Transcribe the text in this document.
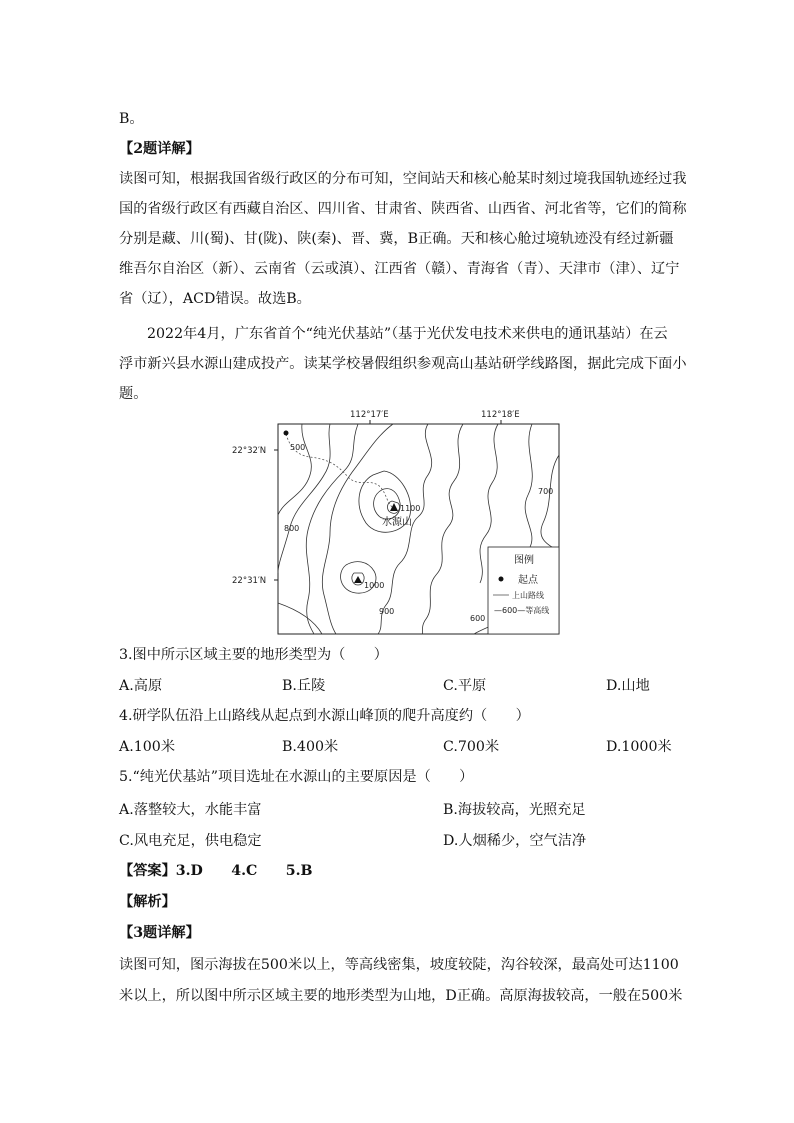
B。
【2题详解】
读图可知，根据我国省级行政区的分布可知，空间站天和核心舱某时刻过境我国轨迹经过我
国的省级行政区有西藏自治区、四川省、甘肃省、陕西省、山西省、河北省等，它们的简称
分别是藏、川(蜀)、甘(陇)、陕(秦)、晋、冀，B正确。天和核心舱过境轨迹没有经过新疆
维吾尔自治区（新）、云南省（云或滇）、江西省（赣）、青海省（青）、天津市（津）、辽宁
省（辽），ACD错误。故选B。
2022年4月，广东省首个“纯光伏基站”（基于光伏发电技术来供电的通讯基站）在云
浮市新兴县水源山建成投产。读某学校暑假组织参观高山基站研学线路图，据此完成下面小
题。
112°17′E	112°18′E
22°32′N
22°31′N
500
700
800
1100
水源山
1000
900
600
图例
起点
上山路线
—600—等高线
3.图中所示区域主要的地形类型为（　　）
A.高原	B.丘陵	C.平原	D.山地
4.研学队伍沿上山路线从起点到水源山峰顶的爬升高度约（　　）
A.100米	B.400米	C.700米	D.1000米
5.“纯光伏基站”项目选址在水源山的主要原因是（　　）
A.落整较大，水能丰富	B.海拔较高，光照充足
C.风电充足，供电稳定	D.人烟稀少，空气洁净
【答案】3.D　　4.C　　5.B
【解析】
【3题详解】
读图可知，图示海拔在500米以上，等高线密集，坡度较陡，沟谷较深，最高处可达1100
米以上，所以图中所示区域主要的地形类型为山地，D正确。高原海拔较高，一般在500米
